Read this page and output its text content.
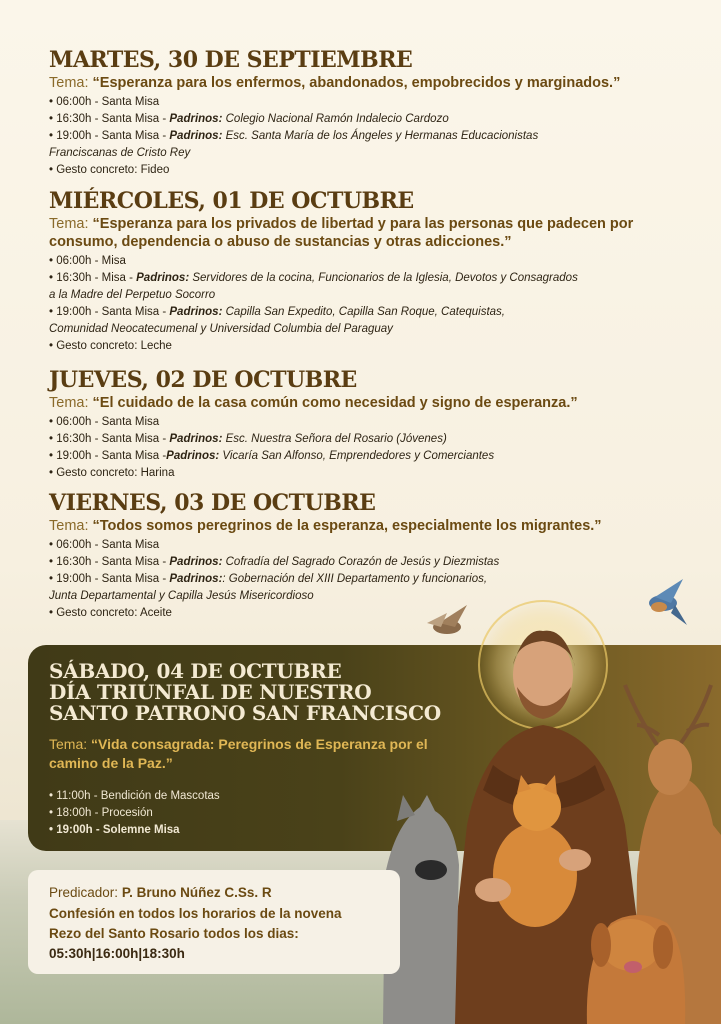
MARTES, 30 DE SEPTIEMBRE

Tema: “Esperanza para los enfermos, abandonados, empobrecidos y marginados.”

• 06:00h - Santa Misa

• 16:30h - Santa Misa - Padrinos: Colegio Nacional Ramón Indalecio Cardozo

• 19:00h - Santa Misa - Padrinos: Esc. Santa María de los Ángeles y Hermanas Educacionistas

Franciscanas de Cristo Rey

• Gesto concreto: Fideo

MIÉRCOLES, 01 DE OCTUBRE

Tema: “Esperanza para los privados de libertad y para las personas que padecen por consumo, dependencia o abuso de sustancias y otras adicciones.”

• 06:00h - Misa

• 16:30h - Misa - Padrinos: Servidores de la cocina, Funcionarios de la Iglesia, Devotos y Consagrados

a la Madre del Perpetuo Socorro

• 19:00h - Santa Misa - Padrinos: Capilla San Expedito, Capilla San Roque, Catequistas,

Comunidad Neocatecumenal y Universidad Columbia del Paraguay

• Gesto concreto: Leche

JUEVES, 02 DE OCTUBRE

Tema: “El cuidado de la casa común como necesidad y signo de esperanza.”

• 06:00h - Santa Misa

• 16:30h - Santa Misa - Padrinos: Esc. Nuestra Señora del Rosario (Jóvenes)

• 19:00h - Santa Misa -Padrinos: Vicaría San Alfonso, Emprendedores y Comerciantes

• Gesto concreto: Harina

VIERNES, 03 DE OCTUBRE

Tema: “Todos somos peregrinos de la esperanza, especialmente los migrantes.”

• 06:00h - Santa Misa

• 16:30h - Santa Misa - Padrinos: Cofradía del Sagrado Corazón de Jesús y Diezmistas

• 19:00h - Santa Misa - Padrinos:: Gobernación del XIII Departamento y funcionarios,

Junta Departamental y Capilla Jesús Misericordioso

• Gesto concreto: Aceite

SÁBADO, 04 DE OCTUBRE
DÍA TRIUNFAL DE NUESTRO
SANTO PATRONO SAN FRANCISCO

Tema: “Vida consagrada: Peregrinos de Esperanza por el camino de la Paz.”

• 11:00h - Bendición de Mascotas
• 18:00h - Procesión
• 19:00h - Solemne Misa

Predicador: P. Bruno Núñez C.Ss. R

Confesión en todos los horarios de la novena

Rezo del Santo Rosario todos los dias:

05:30h|16:00h|18:30h
